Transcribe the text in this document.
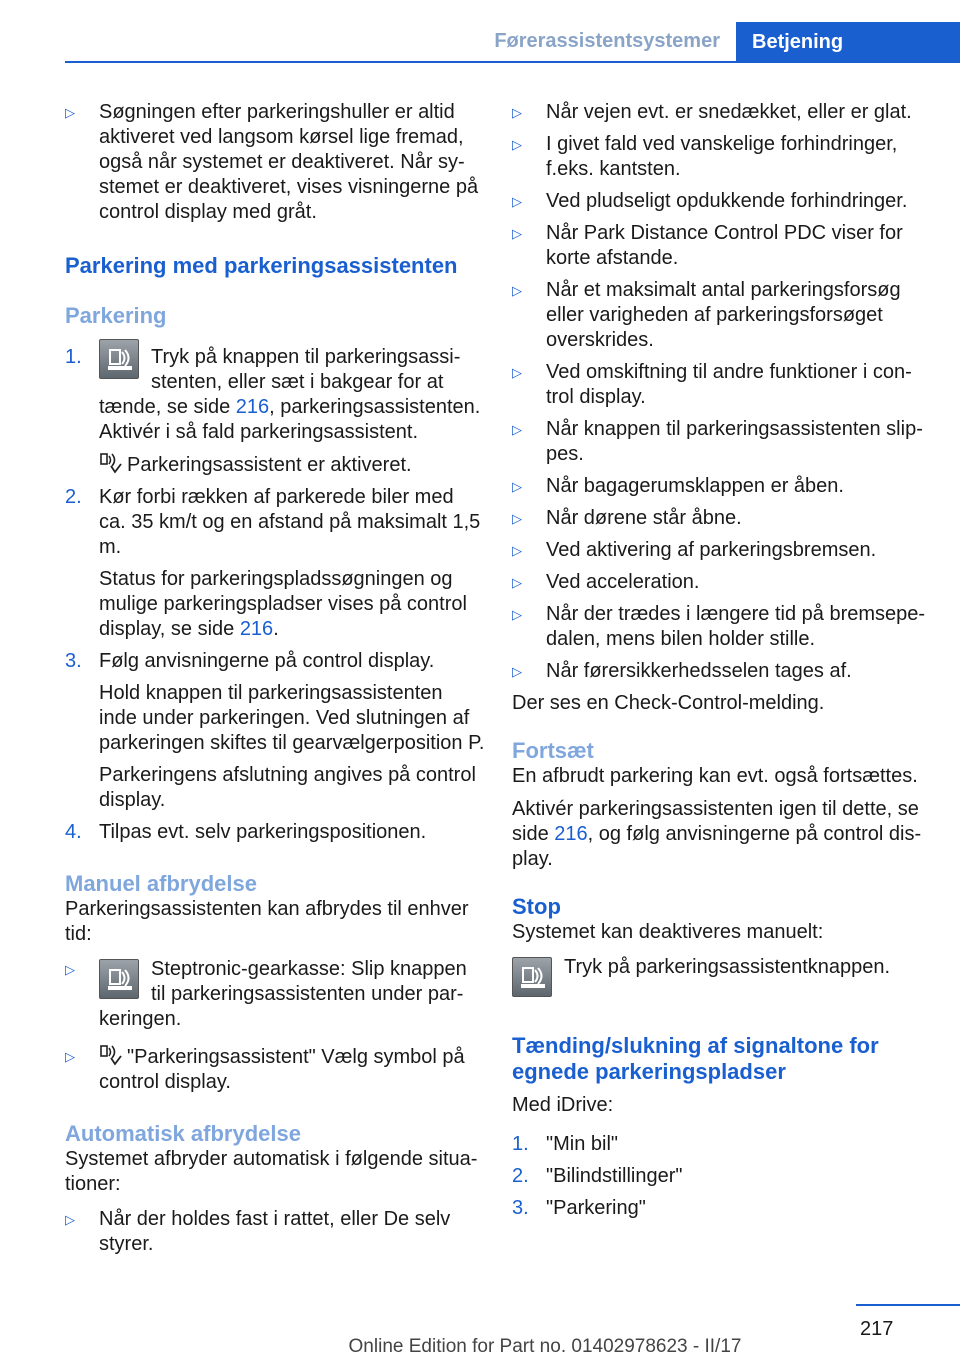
Førerassistentsystemer	Betjening
▷	Søgningen efter parkeringshuller er altid aktiveret ved langsom kørsel lige fremad, også når systemet er deaktiveret. Når systemet er deaktiveret, vises visningerne på control display med gråt.
Parkering med parkeringsassistenten
Parkering
1.	Tryk på knappen til parkeringsassistenten, eller sæt i bakgear for at tænde, se side 216, parkeringsassistenten. Aktivér i så fald parkeringsassistent.
Parkeringsassistent er aktiveret.
2. Kør forbi rækken af parkerede biler med ca. 35 km/t og en afstand på maksimalt 1,5 m.
Status for parkeringspladssøgningen og mulige parkeringspladser vises på control display, se side 216.
3. Følg anvisningerne på control display.
Hold knappen til parkeringsassistenten inde under parkeringen. Ved slutningen af parkeringen skiftes til gearvælgerposition P.
Parkeringens afslutning angives på control display.
4. Tilpas evt. selv parkeringspositionen.
Manuel afbrydelse

Parkeringsassistenten kan afbrydes til enhver tid:

▷	Steptronic-gearkasse: Slip knappen til parkeringsassistenten under parkeringen.
▷	"Parkeringsassistent" Vælg symbol på control display.
Automatisk afbrydelse

Systemet afbryder automatisk i følgende situationer:

▷	Når der holdes fast i rattet, eller De selv styrer.
▷	Når vejen evt. er snedækket, eller er glat.
▷	I givet fald ved vanskelige forhindringer, f.eks. kantsten.
▷	Ved pludseligt opdukkende forhindringer.
▷	Når Park Distance Control PDC viser for korte afstande.
▷	Når et maksimalt antal parkeringsforsøg eller varigheden af parkeringsforsøget overskrides.
▷	Ved omskiftning til andre funktioner i control display.
▷	Når knappen til parkeringsassistenten slippes.
▷	Når bagagerumsklappen er åben.
▷	Når dørene står åbne.
▷	Ved aktivering af parkeringsbremsen.
▷	Ved acceleration.
▷	Når der trædes i længere tid på bremsepedalen, mens bilen holder stille.
▷	Når førersikkerhedsselen tages af.

Der ses en Check-Control-melding.

Fortsæt

En afbrudt parkering kan evt. også fortsættes.

Aktivér parkeringsassistenten igen til dette, se side 216, og følg anvisningerne på control display.

Stop

Systemet kan deaktiveres manuelt:

Tryk på parkeringsassistentknappen.

Tænding/slukning af signaltone for egnede parkeringspladser

Med iDrive:

1. "Min bil"
2. "Bilindstillinger"
3. "Parkering"
217
Online Edition for Part no. 01402978623 - II/17
